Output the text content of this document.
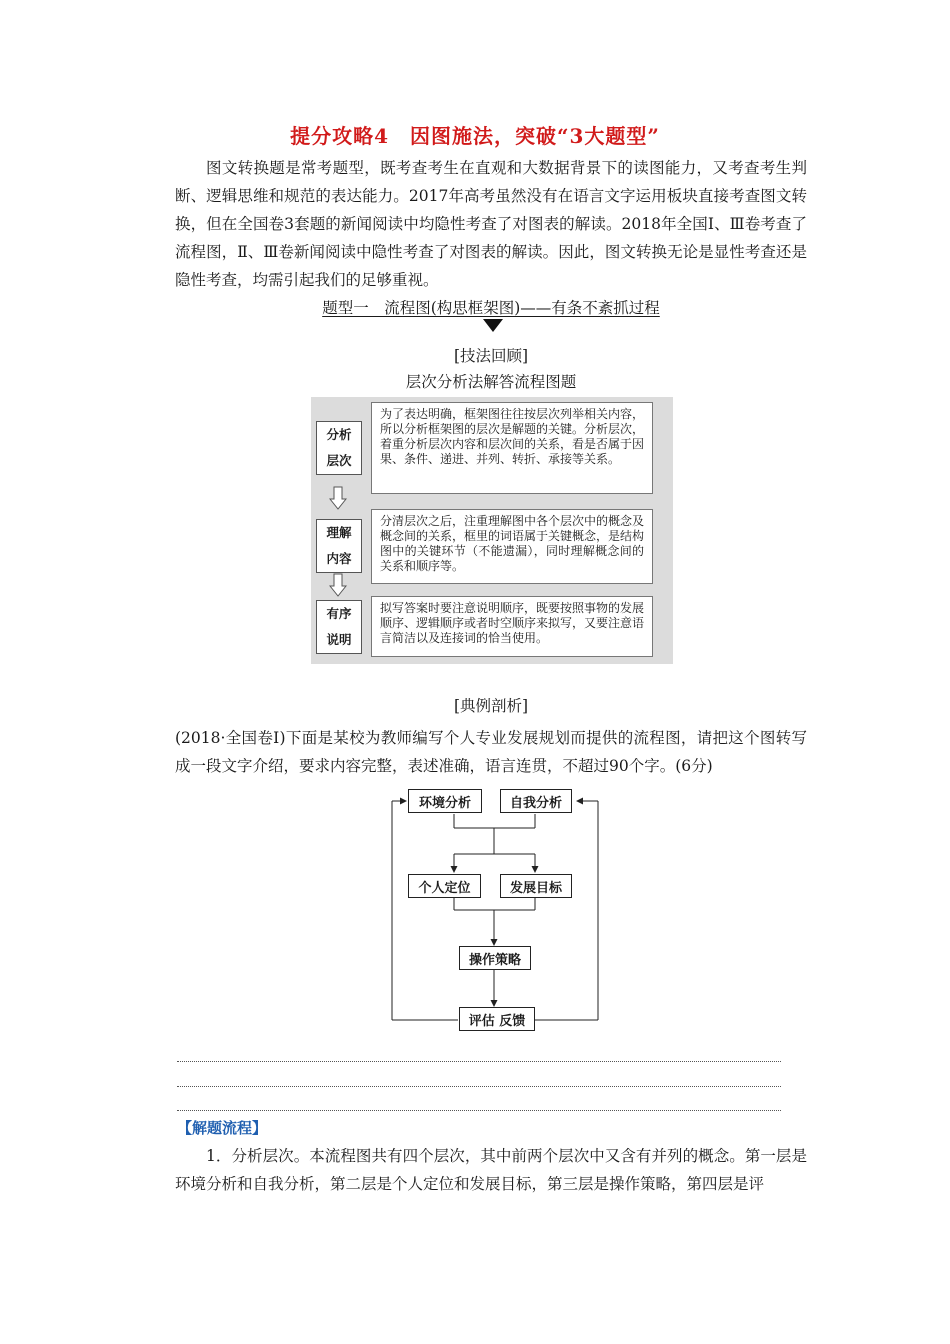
提分攻略4　因图施法，突破“3大题型”

图文转换题是常考题型，既考查考生在直观和大数据背景下的读图能力，又考查考生判断、逻辑思维和规范的表达能力。2017年高考虽然没有在语言文字运用板块直接考查图文转换，但在全国卷3套题的新闻阅读中均隐性考查了对图表的解读。2018年全国Ⅰ、Ⅲ卷考查了流程图，Ⅱ、Ⅲ卷新闻阅读中隐性考查了对图表的解读。因此，图文转换无论是显性考查还是隐性考查，均需引起我们的足够重视。

题型一　流程图(构思框架图)——有条不紊抓过程
[技法回顾]
层次分析法解答流程图题
分析
层次
为了表达明确，框架图往往按层次列举相关内容，所以分析框架图的层次是解题的关键。分析层次，着重分析层次内容和层次间的关系，看是否属于因果、条件、递进、并列、转折、承接等关系。
理解
内容
分清层次之后，注重理解图中各个层次中的概念及概念间的关系，框里的词语属于关键概念，是结构图中的关键环节（不能遗漏），同时理解概念间的关系和顺序等。
有序
说明
拟写答案时要注意说明顺序，既要按照事物的发展顺序、逻辑顺序或者时空顺序来拟写，又要注意语言简洁以及连接词的恰当使用。
[典例剖析]

(2018·全国卷Ⅰ)下面是某校为教师编写个人专业发展规划而提供的流程图，请把这个图转写成一段文字介绍，要求内容完整，表述准确，语言连贯，不超过90个字。(6分)

环境分析	自我分析
个人定位	发展目标
操作策略
评估 反馈
【解题流程】

1．分析层次。本流程图共有四个层次，其中前两个层次中又含有并列的概念。第一层是环境分析和自我分析，第二层是个人定位和发展目标，第三层是操作策略，第四层是评
